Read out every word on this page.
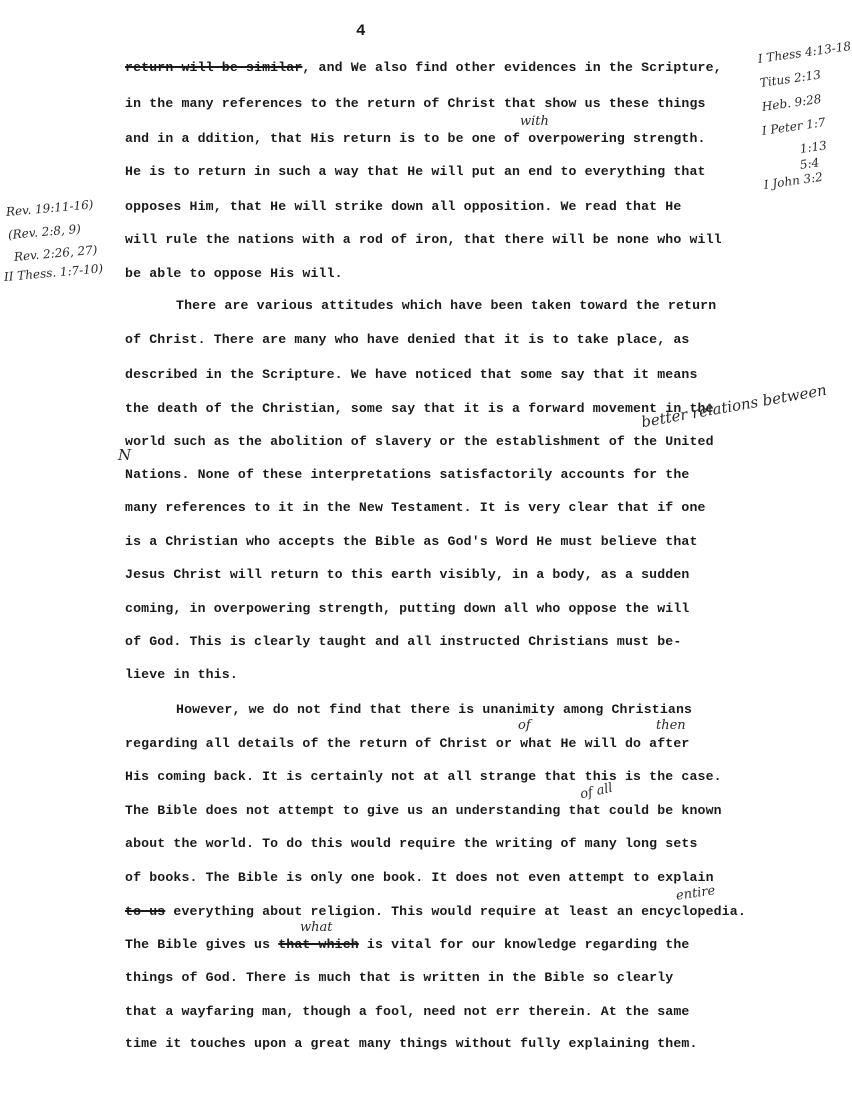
4
return will be similar, and We also find other evidences in the Scripture,
in the many references to the return of Christ that show us these things
and in a ddition, that His return is to be one of overpowering strength.
He is to return in such a way that He will put an end to everything that
opposes Him, that He will strike down all opposition. We read that He
will rule the nations with a rod of iron, that there will be none who will
be able to oppose His will.
There are various attitudes which have been taken toward the return
of Christ. There are many who have denied that it is to take place, as
described in the Scripture. We have noticed that some say that it means
the death of the Christian, some say that it is a forward movement in the
world such as the abolition of slavery or the establishment of the United
Nations. None of these interpretations satisfactorily accounts for the
many references to it in the New Testament. It is very clear that if one
is a Christian who accepts the Bible as God's Word He must believe that
Jesus Christ will return to this earth visibly, in a body, as a sudden
coming, in overpowering strength, putting down all who oppose the will
of God. This is clearly taught and all instructed Christians must be-
lieve in this.
However, we do not find that there is unanimity among Christians
regarding all details of the return of Christ or what He will do after
His coming back. It is certainly not at all strange that this is the case.
The Bible does not attempt to give us an understanding that could be known
about the world. To do this would require the writing of many long sets
of books. The Bible is only one book. It does not even attempt to explain
to us everything about religion. This would require at least an encyclopedia.
The Bible gives us that which is vital for our knowledge regarding the
things of God. There is much that is written in the Bible so clearly
that a wayfaring man, though a fool, need not err therein. At the same
time it touches upon a great many things without fully explaining them.
with
better relations between
N
of	then
of all
entire
what
I Thess 4:13-18
Titus 2:13
Heb. 9:28
I Peter 1:7
1:13
5:4
I John 3:2
Rev. 19:11-16)
(Rev. 2:8, 9)
Rev. 2:26, 27)
II Thess. 1:7-10)
